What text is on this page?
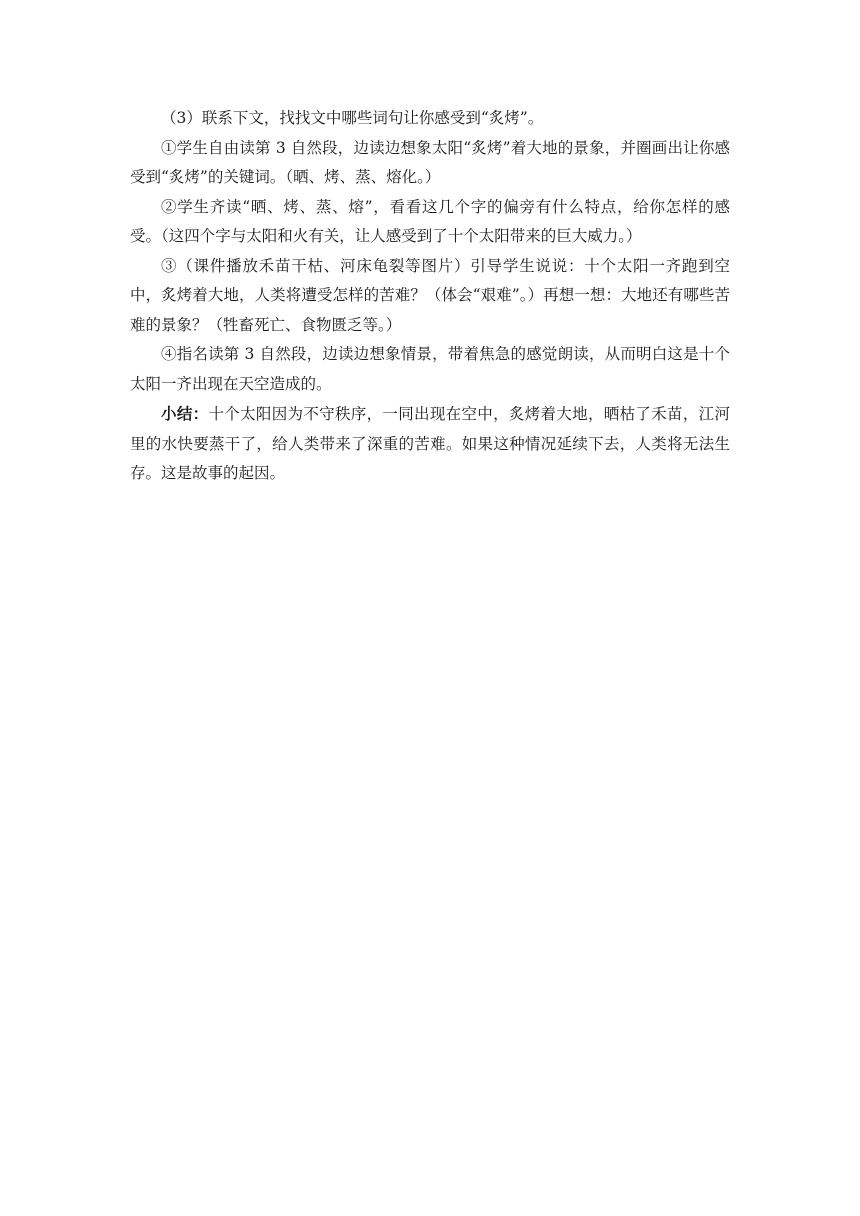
（3）联系下文，找找文中哪些词句让你感受到“炙烤”。

①学生自由读第 3 自然段，边读边想象太阳“炙烤”着大地的景象，并圈画出让你感受到“炙烤”的关键词。（晒、烤、蒸、熔化。）

②学生齐读“晒、烤、蒸、熔”，看看这几个字的偏旁有什么特点，给你怎样的感受。（这四个字与太阳和火有关，让人感受到了十个太阳带来的巨大威力。）

③（课件播放禾苗干枯、河床龟裂等图片）引导学生说说：十个太阳一齐跑到空中，炙烤着大地，人类将遭受怎样的苦难？（体会“艰难”。）再想一想：大地还有哪些苦难的景象？（牲畜死亡、食物匮乏等。）

④指名读第 3 自然段，边读边想象情景，带着焦急的感觉朗读，从而明白这是十个太阳一齐出现在天空造成的。

小结：十个太阳因为不守秩序，一同出现在空中，炙烤着大地，晒枯了禾苗，江河里的水快要蒸干了，给人类带来了深重的苦难。如果这种情况延续下去，人类将无法生存。这是故事的起因。
